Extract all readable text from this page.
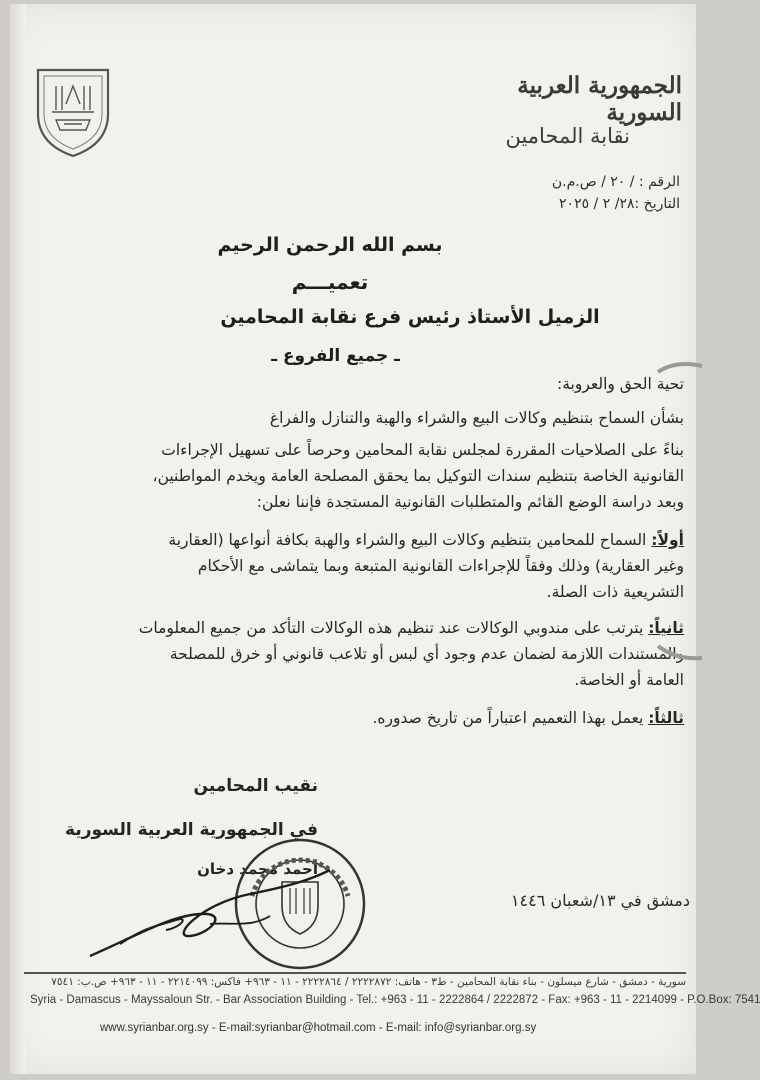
الجمهورية العربية السورية
نقابة المحامين
الرقم : / ٢٠ / ص.م.ن
التاريخ :٢٨/ ٢ / ٢٠٢٥
بسم الله الرحمن الرحيم
تعميـــم
الزميل الأستاذ رئيس فرع نقابة المحامين
ـ جميع الفروع ـ
تحية الحق والعروبة:
بشأن السماح بتنظيم وكالات البيع والشراء والهبة والتنازل والفراغ
بناءً على الصلاحيات المقررة لمجلس نقابة المحامين وحرصاً على تسهيل الإجراءات
القانونية الخاصة بتنظيم سندات التوكيل بما يحقق المصلحة العامة ويخدم المواطنين،
وبعد دراسة الوضع القائم والمتطلبات القانونية المستجدة فإننا نعلن:
أولاً: السماح للمحامين بتنظيم وكالات البيع والشراء والهبة بكافة أنواعها (العقارية
وغير العقارية) وذلك وفقاً للإجراءات القانونية المتبعة وبما يتماشى مع الأحكام
التشريعية ذات الصلة.
ثانياً: يترتب على مندوبي الوكالات عند تنظيم هذه الوكالات التأكد من جميع المعلومات
والمستندات اللازمة لضمان عدم وجود أي لبس أو تلاعب قانوني أو خرق للمصلحة
العامة أو الخاصة.
ثالثاً: يعمل بهذا التعميم اعتباراً من تاريخ صدوره.
نقيب المحامين
في الجمهورية العربية السورية
أحمد محمد دخان
دمشق في ١٣/شعبان ١٤٤٦
سورية - دمشق - شارع ميسلون - بناء نقابة المحامين - ط٣ - هاتف: ٢٢٢٢٨٧٢ / ٢٢٢٢٨٦٤ - ١١ - ٩٦٣+ فاكس: ٢٢١٤٠٩٩ - ١١ - ٩٦٣+ ص.ب: ٧٥٤١
Syria - Damascus - Mayssaloun Str. - Bar Association Building - Tel.: +963 - 11 - 2222864 / 2222872 - Fax: +963 - 11 - 2214099 - P.O.Box: 7541
www.syrianbar.org.sy - E-mail:syrianbar@hotmail.com - E-mail: info@syrianbar.org.sy
